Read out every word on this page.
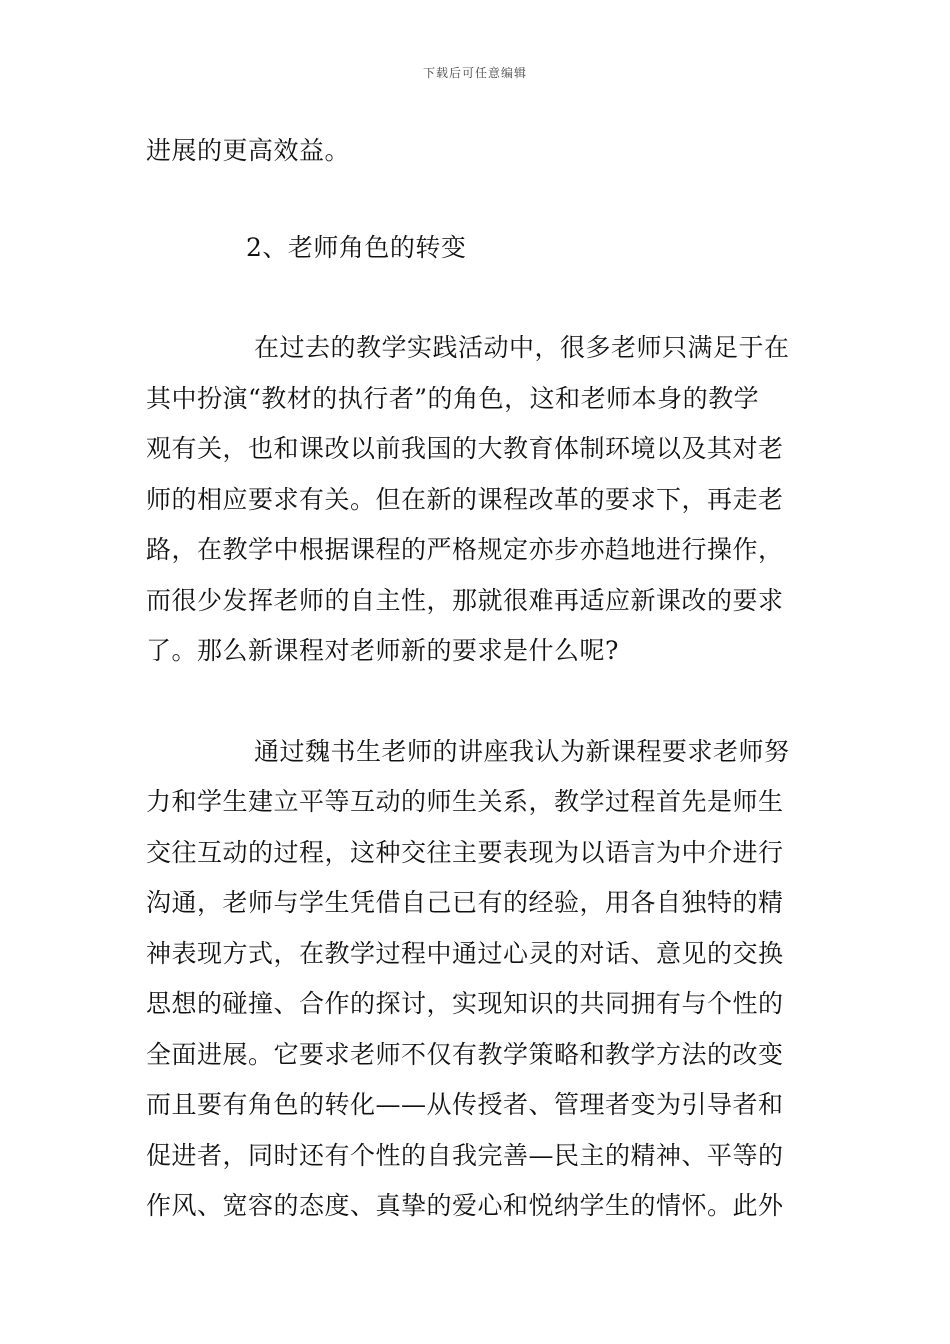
下载后可任意编辑
进展的更高效益。
2、老师角色的转变
在过去的教学实践活动中，很多老师只满足于在
其中扮演“教材的执行者”的角色，这和老师本身的教学
观有关，也和课改以前我国的大教育体制环境以及其对老
师的相应要求有关。但在新的课程改革的要求下，再走老
路，在教学中根据课程的严格规定亦步亦趋地进行操作，
而很少发挥老师的自主性，那就很难再适应新课改的要求
了。那么新课程对老师新的要求是什么呢?
通过魏书生老师的讲座我认为新课程要求老师努
力和学生建立平等互动的师生关系，教学过程首先是师生
交往互动的过程，这种交往主要表现为以语言为中介进行
沟通，老师与学生凭借自己已有的经验，用各自独特的精
神表现方式，在教学过程中通过心灵的对话、意见的交换
思想的碰撞、合作的探讨，实现知识的共同拥有与个性的
全面进展。它要求老师不仅有教学策略和教学方法的改变
而且要有角色的转化——从传授者、管理者变为引导者和
促进者，同时还有个性的自我完善—民主的精神、平等的
作风、宽容的态度、真挚的爱心和悦纳学生的情怀。此外
